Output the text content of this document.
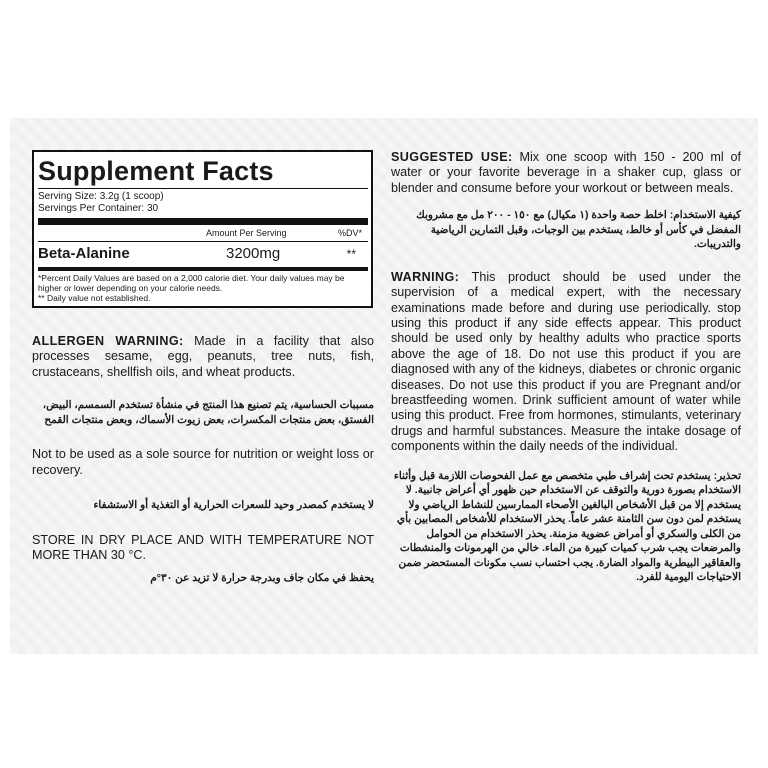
Supplement Facts
Serving Size: 3.2g (1 scoop)
Servings Per Container: 30
Amount Per Serving	%DV*
Beta-Alanine	3200mg	**
*Percent Daily Values are based on a 2,000 calorie diet. Your daily values may be higher or lower depending on your calorie needs.
** Daily value not established.

ALLERGEN WARNING: Made in a facility that also processes sesame, egg, peanuts, tree nuts, fish, crustaceans, shellfish oils, and wheat products.

مسببات الحساسية، يتم تصنيع هذا المنتج في منشأة تستخدم السمسم، البيض، الفستق، بعض منتجات المكسرات، بعض زيوت الأسماك، وبعض منتجات القمح

Not to be used as a sole source for nutrition or weight loss or recovery.

لا يستخدم كمصدر وحيد للسعرات الحرارية أو التغذية أو الاستشفاء

STORE IN DRY PLACE AND WITH TEMPERATURE NOT MORE THAN 30 °C.

يحفظ في مكان جاف وبدرجة حرارة لا تزيد عن ٣٠°م

SUGGESTED USE: Mix one scoop with 150 - 200 ml of water or your favorite beverage in a shaker cup, glass or blender and consume before your workout or between meals.

كيفية الاستخدام: اخلط حصة واحدة (١ مكيال) مع ١٥٠ - ٢٠٠ مل مع مشروبك المفضل في كأس أو خالط، يستخدم بين الوجبات، وقبل التمارين الرياضية والتدريبات.

WARNING: This product should be used under the supervision of a medical expert, with the necessary examinations made before and during use periodically. stop using this product if any side effects appear. This product should be used only by healthy adults who practice sports above the age of 18. Do not use this product if you are diagnosed with any of the kidneys, diabetes or chronic organic diseases. Do not use this product if you are Pregnant and/or breastfeeding women. Drink sufficient amount of water while using this product. Free from hormones, stimulants, veterinary drugs and harmful substances. Measure the intake dosage of components within the daily needs of the individual.

تحذير: يستخدم تحت إشراف طبي متخصص مع عمل الفحوصات اللازمة قبل وأثناء الاستخدام بصورة دورية والتوقف عن الاستخدام حين ظهور أي أعراض جانبية. لا يستخدم إلا من قبل الأشخاص البالغين الأصحاء الممارسين للنشاط الرياضي ولا يستخدم لمن دون سن الثامنة عشر عاماً. يحذر الاستخدام للأشخاص المصابين بأي من الكلى والسكري أو أمراض عضوية مزمنة. يحذر الاستخدام من الحوامل والمرضعات يجب شرب كميات كبيرة من الماء. خالي من الهرمونات والمنشطات والعقاقير البيطرية والمواد الضارة. يجب احتساب نسب مكونات المستحضر ضمن الاحتياجات اليومية للفرد.
